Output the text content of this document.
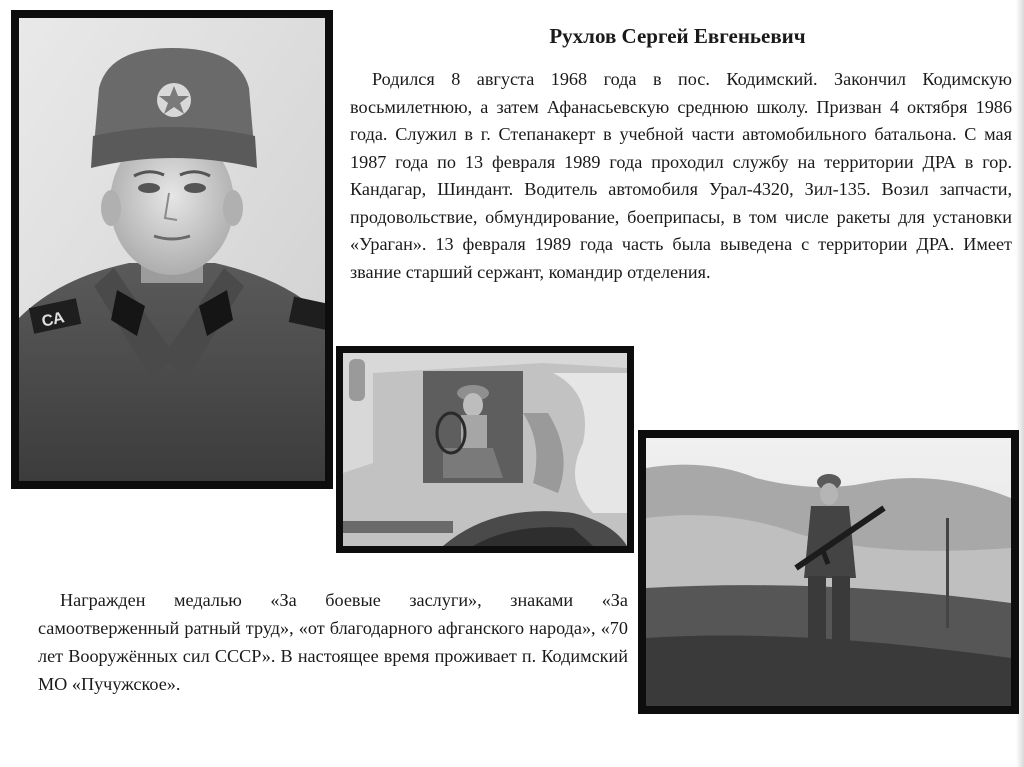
СА
Рухлов Сергей Евгеньевич
Родился 8 августа 1968 года в пос. Кодимский. Закончил Кодимскую восьмилетнюю, а затем Афанасьевскую среднюю школу. Призван 4 октября 1986 года. Служил в г. Степанакерт в учебной части автомобильного батальона. С мая 1987 года по 13 февраля 1989 года проходил службу на территории ДРА в гор. Кандагар, Шиндант. Водитель автомобиля Урал-4320, Зил-135. Возил запчасти, продовольствие, обмундирование, боеприпасы, в том числе ракеты для установки «Ураган». 13 февраля 1989 года часть была выведена с территории ДРА. Имеет звание старший сержант, командир отделения.
Награжден медалью «За боевые заслуги», знаками «За самоотверженный ратный труд», «от благодарного афганского народа», «70 лет Вооружённых сил СССР». В настоящее время проживает п. Кодимский МО «Пучужское».
